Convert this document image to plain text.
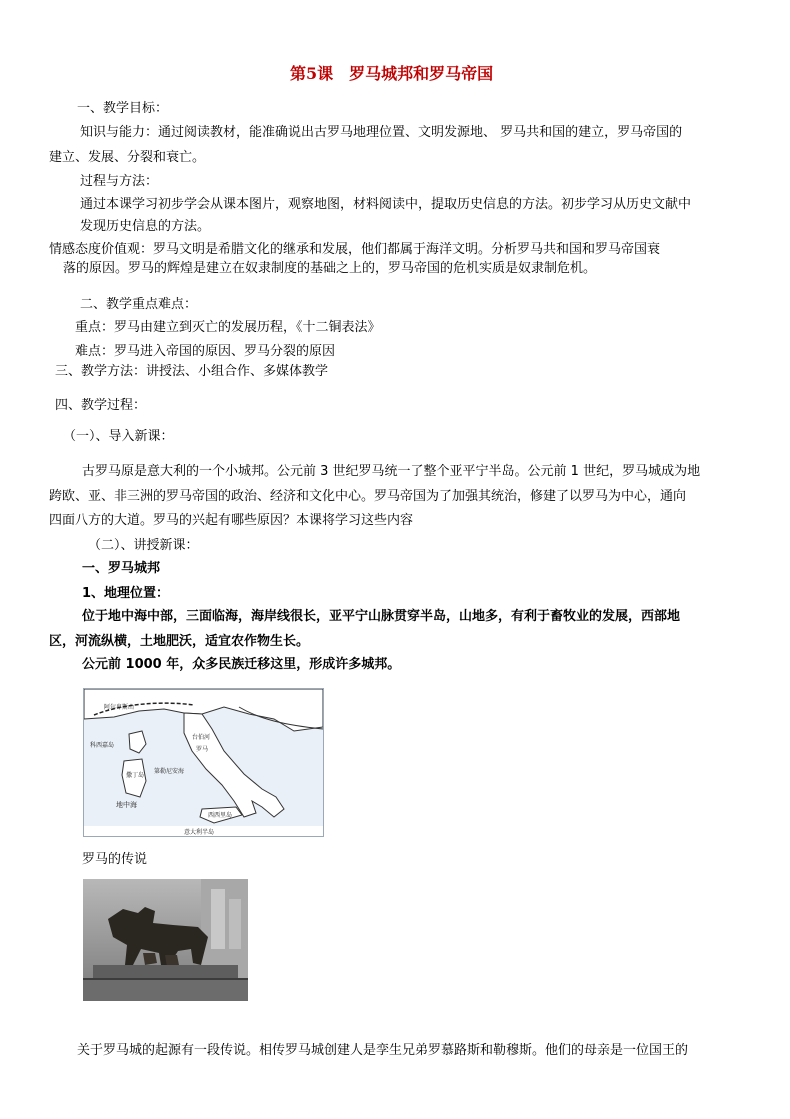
第5课　罗马城邦和罗马帝国
一、教学目标：
知识与能力：通过阅读教材，能准确说出古罗马地理位置、文明发源地、 罗马共和国的建立，罗马帝国的
建立、发展、分裂和衰亡。
过程与方法：
通过本课学习初步学会从课本图片，观察地图，材料阅读中，提取历史信息的方法。初步学习从历史文献中
发现历史信息的方法。
情感态度价值观：罗马文明是希腊文化的继承和发展，他们都属于海洋文明。分析罗马共和国和罗马帝国衰
落的原因。罗马的辉煌是建立在奴隶制度的基础之上的，罗马帝国的危机实质是奴隶制危机。
二、教学重点难点：
重点：罗马由建立到灭亡的发展历程，《十二铜表法》
难点：罗马进入帝国的原因、罗马分裂的原因
三、教学方法：讲授法、小组合作、多媒体教学
四、教学过程：
（一）、导入新课：
古罗马原是意大利的一个小城邦。公元前 3 世纪罗马统一了整个亚平宁半岛。公元前 1 世纪，罗马城成为地
跨欧、亚、非三洲的罗马帝国的政治、经济和文化中心。罗马帝国为了加强其统治，修建了以罗马为中心，通向
四面八方的大道。罗马的兴起有哪些原因？本课将学习这些内容
（二）、讲授新课：
一、罗马城邦
1、地理位置：
位于地中海中部，三面临海，海岸线很长，亚平宁山脉贯穿半岛，山地多，有利于畜牧业的发展，西部地
区，河流纵横，土地肥沃，适宜农作物生长。
公元前 1000 年，众多民族迁移这里，形成许多城邦。
阿尔卑斯山
台伯河
罗马
科西嘉岛
撒丁岛
第勒尼安海
西西里岛
地中海
意大利半岛
罗马的传说
关于罗马城的起源有一段传说。相传罗马城创建人是孪生兄弟罗慕路斯和勒穆斯。他们的母亲是一位国王的
